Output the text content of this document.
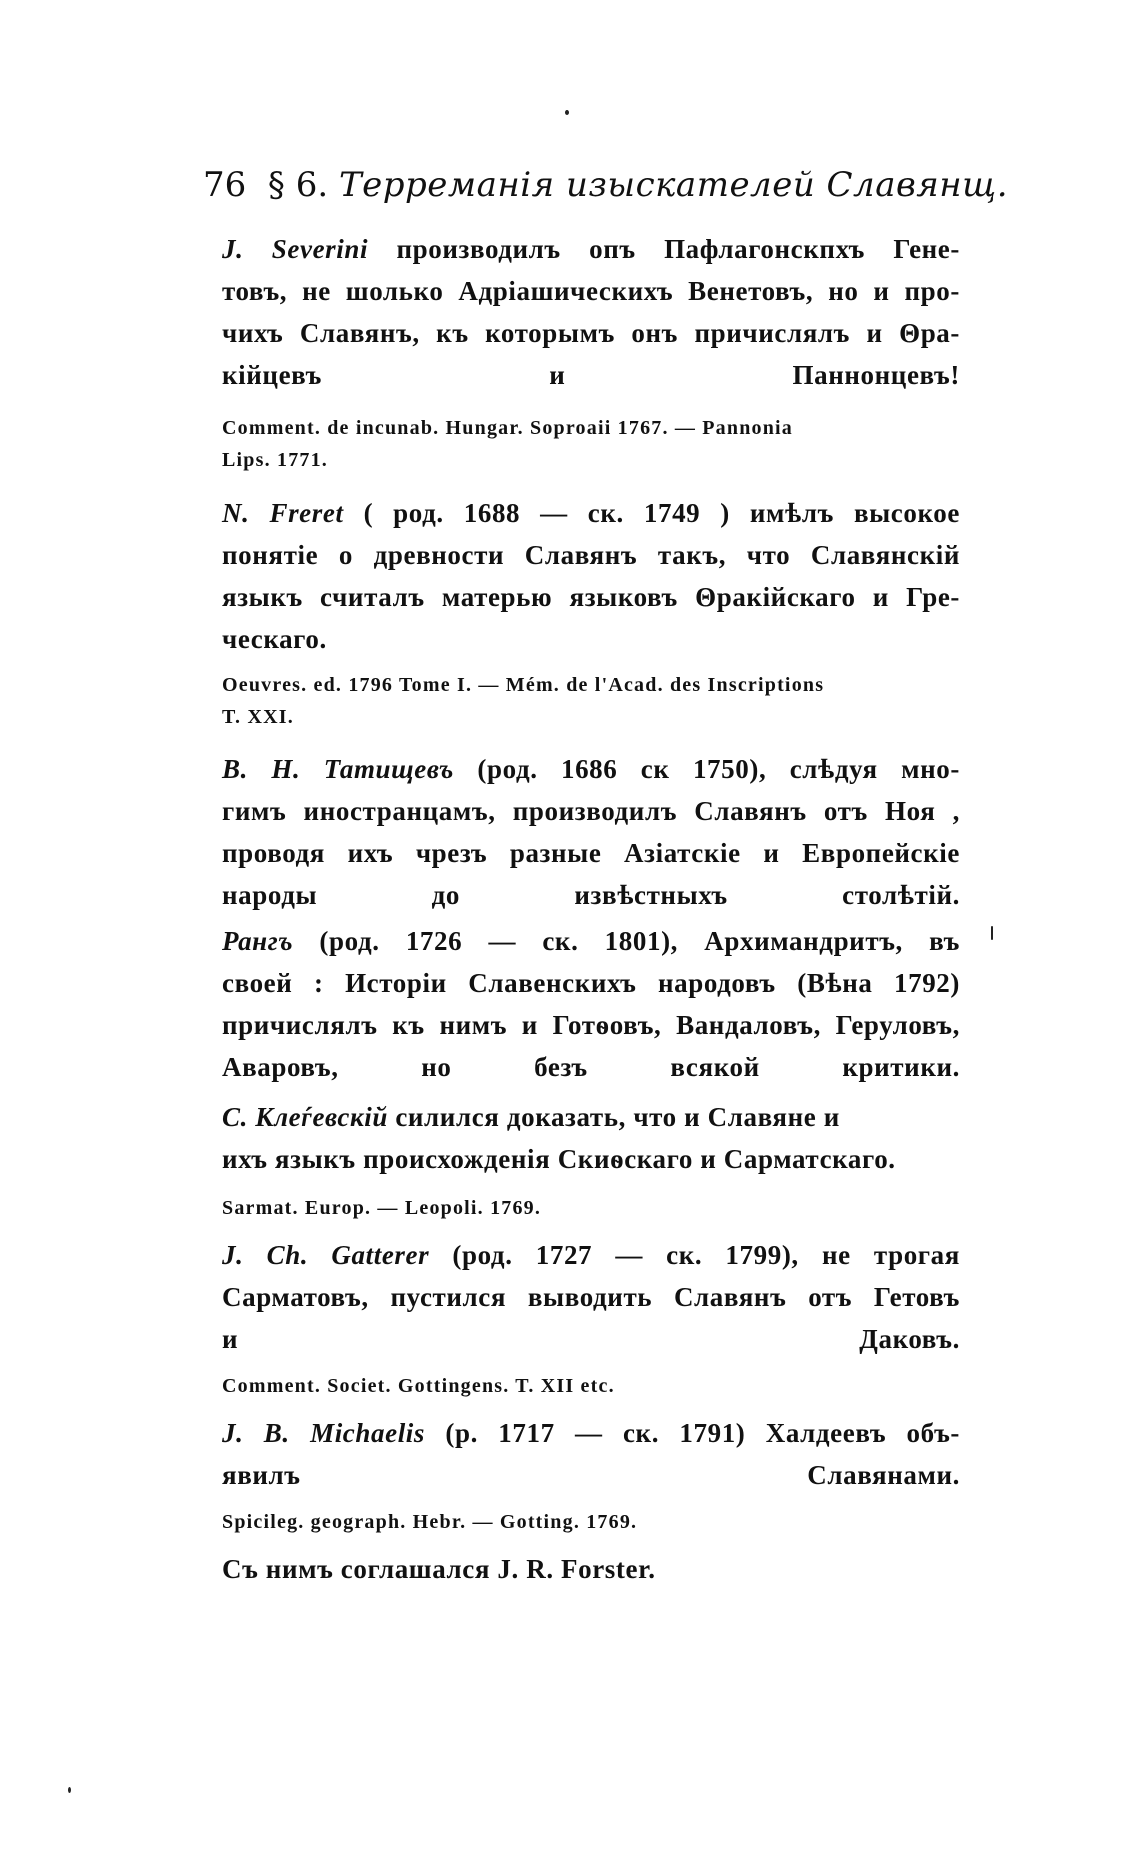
76 § 6. Теpреманія изыскателей Славянщ.
J. Severini производилъ опъ Пафлагонскпхъ Гене-
товъ, не шолько Адріашическихъ Венетовъ, но и про-
чихъ Славянъ, къ которымъ онъ причислялъ и Θра-
кійцевъ и Паннонцевъ!
Comment. de incunab. Hungar. Soproaii 1767. — Pannonia
Lips. 1771.
N. Freret ( род. 1688 — ск. 1749 ) имѣлъ высокое
понятіе о древности Славянъ такъ, что Славянскій
языкъ считалъ матерью языковъ Θракійскаго и Гре-
ческаго.
Oeuvres. ed. 1796 Tome I. — Mém. de l'Acad. des Inscriptions
T. XXI.
B. H. Татищевъ (род. 1686 ск 1750), слѣдуя мно-
гимъ иностранцамъ, производилъ Славянъ отъ Ноя ,
проводя ихъ чрезъ разные Азіатскіе и Европейскіе
народы до извѣстныхъ столѣтій.
Рангъ (род. 1726 — ск. 1801), Архимандритъ, въ
своей : Исторіи Славенскихъ народовъ (Вѣна 1792)
причислялъ къ нимъ и Готѳовъ, Вандаловъ, Геруловъ,
Аваровъ, но безъ всякой критики.
С. Клеѓевскій силился доказать, что и Славяне и
ихъ языкъ происхожденія Скиѳскаго и Сарматскаго.
Sarmat. Europ. — Leopoli. 1769.
J. Ch. Gatterer (род. 1727 — ск. 1799), не трогая
Сарматовъ, пустился выводить Славянъ отъ Гетовъ
и Даковъ.
Comment. Societ. Gottingens. T. XII etc.
J. B. Michaelis (р. 1717 — ск. 1791) Халдеевъ объ-
явилъ Славянами.
Spicileg. geograph. Hebr. — Gotting. 1769.
Съ нимъ соглашался J. R. Forster.
